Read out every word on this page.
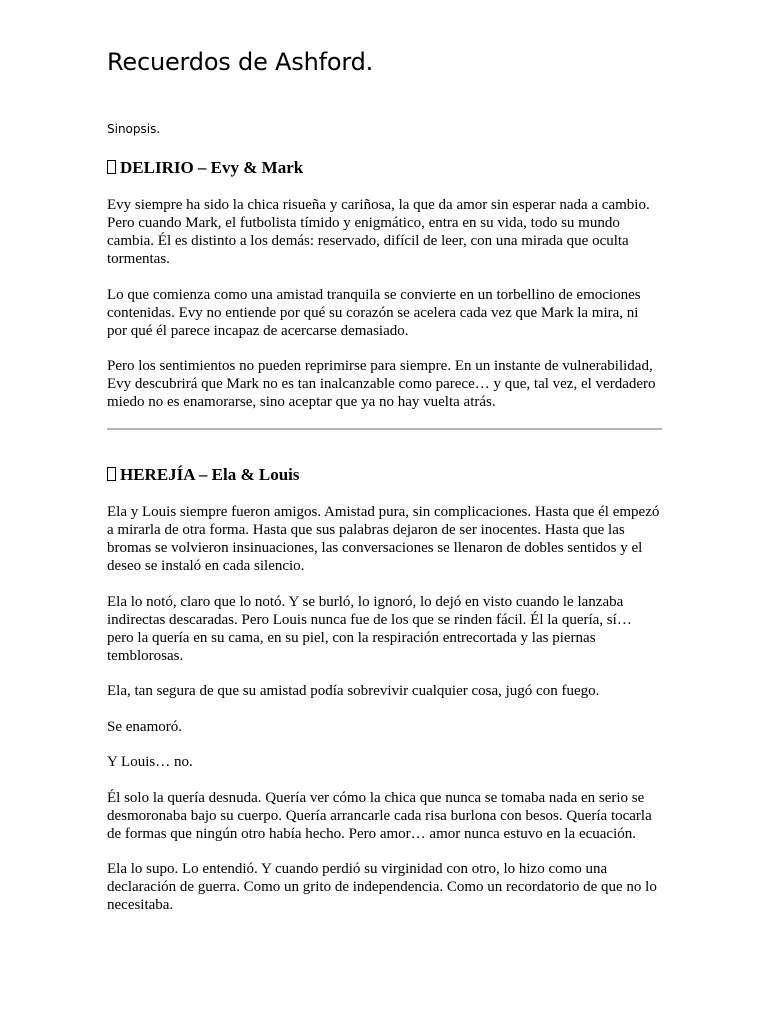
Recuerdos de Ashford.

Sinopsis.

DELIRIO – Evy & Mark

Evy siempre ha sido la chica risueña y cariñosa, la que da amor sin esperar nada a cambio. Pero cuando Mark, el futbolista tímido y enigmático, entra en su vida, todo su mundo cambia. Él es distinto a los demás: reservado, difícil de leer, con una mirada que oculta tormentas.

Lo que comienza como una amistad tranquila se convierte en un torbellino de emociones contenidas. Evy no entiende por qué su corazón se acelera cada vez que Mark la mira, ni por qué él parece incapaz de acercarse demasiado.

Pero los sentimientos no pueden reprimirse para siempre. En un instante de vulnerabilidad, Evy descubrirá que Mark no es tan inalcanzable como parece… y que, tal vez, el verdadero miedo no es enamorarse, sino aceptar que ya no hay vuelta atrás.

HEREJÍA – Ela & Louis

Ela y Louis siempre fueron amigos. Amistad pura, sin complicaciones. Hasta que él empezó a mirarla de otra forma. Hasta que sus palabras dejaron de ser inocentes. Hasta que las bromas se volvieron insinuaciones, las conversaciones se llenaron de dobles sentidos y el deseo se instaló en cada silencio.

Ela lo notó, claro que lo notó. Y se burló, lo ignoró, lo dejó en visto cuando le lanzaba indirectas descaradas. Pero Louis nunca fue de los que se rinden fácil. Él la quería, sí… pero la quería en su cama, en su piel, con la respiración entrecortada y las piernas temblorosas.

Ela, tan segura de que su amistad podía sobrevivir cualquier cosa, jugó con fuego.

Se enamoró.

Y Louis… no.

Él solo la quería desnuda. Quería ver cómo la chica que nunca se tomaba nada en serio se desmoronaba bajo su cuerpo. Quería arrancarle cada risa burlona con besos. Quería tocarla de formas que ningún otro había hecho. Pero amor… amor nunca estuvo en la ecuación.

Ela lo supo. Lo entendió. Y cuando perdió su virginidad con otro, lo hizo como una declaración de guerra. Como un grito de independencia. Como un recordatorio de que no lo necesitaba.
